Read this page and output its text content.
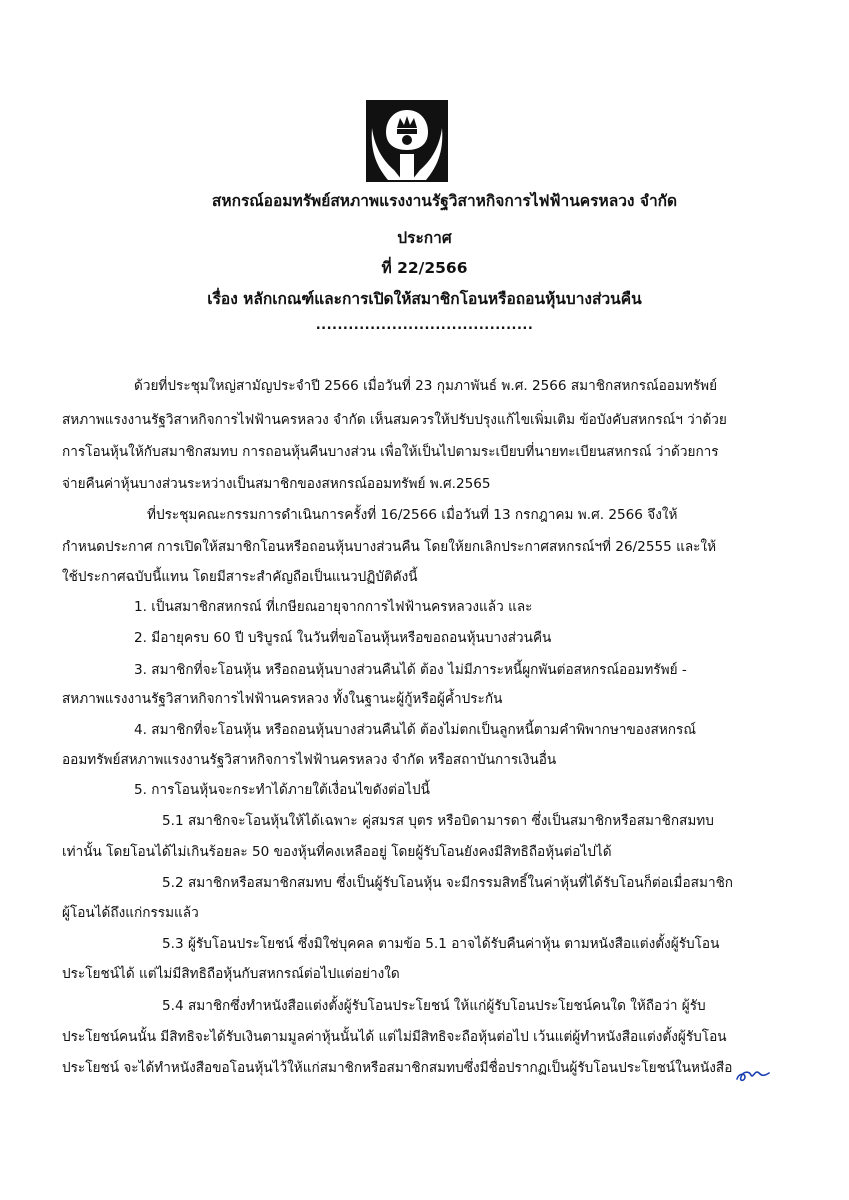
สหกรณ์ออมทรัพย์สหภาพแรงงานรัฐวิสาหกิจการไฟฟ้านครหลวง จำกัด
ประกาศ
ที่ 22/2566
เรื่อง หลักเกณฑ์และการเปิดให้สมาชิกโอนหรือถอนหุ้นบางส่วนคืน
........................................
ด้วยที่ประชุมใหญ่สามัญประจำปี 2566 เมื่อวันที่ 23 กุมภาพันธ์ พ.ศ. 2566 สมาชิกสหกรณ์ออมทรัพย์
สหภาพแรงงานรัฐวิสาหกิจการไฟฟ้านครหลวง จำกัด เห็นสมควรให้ปรับปรุงแก้ไขเพิ่มเติม ข้อบังคับสหกรณ์ฯ ว่าด้วย
การโอนหุ้นให้กับสมาชิกสมทบ การถอนหุ้นคืนบางส่วน เพื่อให้เป็นไปตามระเบียบที่นายทะเบียนสหกรณ์ ว่าด้วยการ
จ่ายคืนค่าหุ้นบางส่วนระหว่างเป็นสมาชิกของสหกรณ์ออมทรัพย์ พ.ศ.2565
ที่ประชุมคณะกรรมการดำเนินการครั้งที่ 16/2566 เมื่อวันที่ 13 กรกฎาคม พ.ศ. 2566 จึงให้
กำหนดประกาศ การเปิดให้สมาชิกโอนหรือถอนหุ้นบางส่วนคืน โดยให้ยกเลิกประกาศสหกรณ์ฯที่ 26/2555 และให้
ใช้ประกาศฉบับนี้แทน โดยมีสาระสำคัญถือเป็นแนวปฏิบัติดังนี้
1. เป็นสมาชิกสหกรณ์ ที่เกษียณอายุจากการไฟฟ้านครหลวงแล้ว และ
2. มีอายุครบ 60 ปี บริบูรณ์ ในวันที่ขอโอนหุ้นหรือขอถอนหุ้นบางส่วนคืน
3. สมาชิกที่จะโอนหุ้น หรือถอนหุ้นบางส่วนคืนได้ ต้อง ไม่มีภาระหนี้ผูกพันต่อสหกรณ์ออมทรัพย์ -
สหภาพแรงงานรัฐวิสาหกิจการไฟฟ้านครหลวง ทั้งในฐานะผู้กู้หรือผู้ค้ำประกัน
4. สมาชิกที่จะโอนหุ้น หรือถอนหุ้นบางส่วนคืนได้ ต้องไม่ตกเป็นลูกหนี้ตามคำพิพากษาของสหกรณ์
ออมทรัพย์สหภาพแรงงานรัฐวิสาหกิจการไฟฟ้านครหลวง จำกัด หรือสถาบันการเงินอื่น
5. การโอนหุ้นจะกระทำได้ภายใต้เงื่อนไขดังต่อไปนี้
5.1 สมาชิกจะโอนหุ้นให้ได้เฉพาะ คู่สมรส บุตร หรือบิดามารดา ซึ่งเป็นสมาชิกหรือสมาชิกสมทบ
เท่านั้น โดยโอนได้ไม่เกินร้อยละ 50 ของหุ้นที่คงเหลืออยู่ โดยผู้รับโอนยังคงมีสิทธิถือหุ้นต่อไปได้
5.2 สมาชิกหรือสมาชิกสมทบ ซึ่งเป็นผู้รับโอนหุ้น จะมีกรรมสิทธิ์ในค่าหุ้นที่ได้รับโอนก็ต่อเมื่อสมาชิก
ผู้โอนได้ถึงแก่กรรมแล้ว
5.3 ผู้รับโอนประโยชน์ ซึ่งมิใช่บุคคล ตามข้อ 5.1 อาจได้รับคืนค่าหุ้น ตามหนังสือแต่งตั้งผู้รับโอน
ประโยชน์ได้ แต่ไม่มีสิทธิถือหุ้นกับสหกรณ์ต่อไปแต่อย่างใด
5.4 สมาชิกซึ่งทำหนังสือแต่งตั้งผู้รับโอนประโยชน์ ให้แก่ผู้รับโอนประโยชน์คนใด ให้ถือว่า ผู้รับ
ประโยชน์คนนั้น มีสิทธิจะได้รับเงินตามมูลค่าหุ้นนั้นได้ แต่ไม่มีสิทธิจะถือหุ้นต่อไป เว้นแต่ผู้ทำหนังสือแต่งตั้งผู้รับโอน
ประโยชน์ จะได้ทำหนังสือขอโอนหุ้นไว้ให้แก่สมาชิกหรือสมาชิกสมทบซึ่งมีชื่อปรากฏเป็นผู้รับโอนประโยชน์ในหนังสือ
